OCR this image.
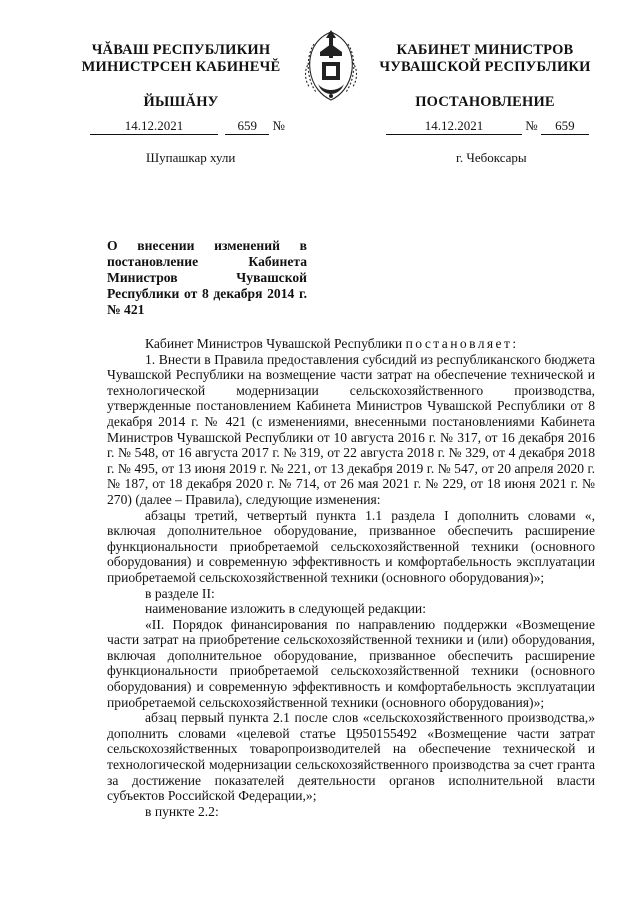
ЧĂВАШ РЕСПУБЛИКИН
МИНИСТРСЕН КАБИНЕЧĔ
ЙЫШĂНУ
КАБИНЕТ МИНИСТРОВ
ЧУВАШСКОЙ РЕСПУБЛИКИ
ПОСТАНОВЛЕНИЕ
14.12.2021	659 №
Шупашкар хули
14.12.2021	№ 659
г. Чебоксары
О внесении изменений в постановление Кабинета Министров Чувашской Республики от 8 декабря 2014 г. № 421

Кабинет Министров Чувашской Республики постановляет:

1. Внести в Правила предоставления субсидий из республиканского бюджета Чувашской Республики на возмещение части затрат на обеспечение технической и технологической модернизации сельскохозяйственного производства, утвержденные постановлением Кабинета Министров Чувашской Республики от 8 декабря 2014 г. № 421 (с изменениями, внесенными постановлениями Кабинета Министров Чувашской Республики от 10 августа 2016 г. № 317, от 16 декабря 2016 г. № 548, от 16 августа 2017 г. № 319, от 22 августа 2018 г. № 329, от 4 декабря 2018 г. № 495, от 13 июня 2019 г. № 221, от 13 декабря 2019 г. № 547, от 20 апреля 2020 г. № 187, от 18 декабря 2020 г. № 714, от 26 мая 2021 г. № 229, от 18 июня 2021 г. № 270) (далее – Правила), следующие изменения:

абзацы третий, четвертый пункта 1.1 раздела I дополнить словами «, включая дополнительное оборудование, призванное обеспечить расширение функциональности приобретаемой сельскохозяйственной техники (основного оборудования) и современную эффективность и комфортабельность эксплуатации приобретаемой сельскохозяйственной техники (основного оборудования)»;

в разделе II:

наименование изложить в следующей редакции:

«II. Порядок финансирования по направлению поддержки «Возмещение части затрат на приобретение сельскохозяйственной техники и (или) оборудования, включая дополнительное оборудование, призванное обеспечить расширение функциональности приобретаемой сельскохозяйственной техники (основного оборудования) и современную эффективность и комфортабельность эксплуатации приобретаемой сельскохозяйственной техники (основного оборудования)»;

абзац первый пункта 2.1 после слов «сельскохозяйственного производства,» дополнить словами «целевой статье Ц950155492 «Возмещение части затрат сельскохозяйственных товаропроизводителей на обеспечение технической и технологической модернизации сельскохозяйственного производства за счет гранта за достижение показателей деятельности органов исполнительной власти субъектов Российской Федерации,»;

в пункте 2.2:
